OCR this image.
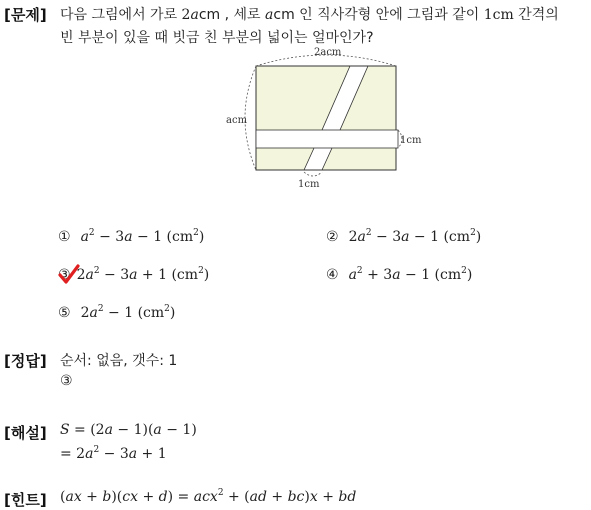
[문제] 다음 그림에서 가로 2acm , 세로 acm 인 직사각형 안에 그림과 같이 1cm 간격의
빈 부분이 있을 때 빗금 친 부분의 넓이는 얼마인가?
2acm
acm
1cm
1cm
① $a^2 - 3a - 1$ $(cm^2)$	② $2a^2 - 3a - 1$ $(cm^2)$
③ $2a^2 - 3a + 1$ $(cm^2)$	④ $a^2 + 3a - 1$ $(cm^2)$
⑤ $2a^2 - 1$ $(cm^2)$
[정답] 순서: 없음, 갯수: 1
③
[해설] S = (2a − 1)(a − 1)
= $2a^2 - 3a + 1$
[힌트] (ax + b)(cx + d) = acx$^2$ + (ad + bc)x + bd
